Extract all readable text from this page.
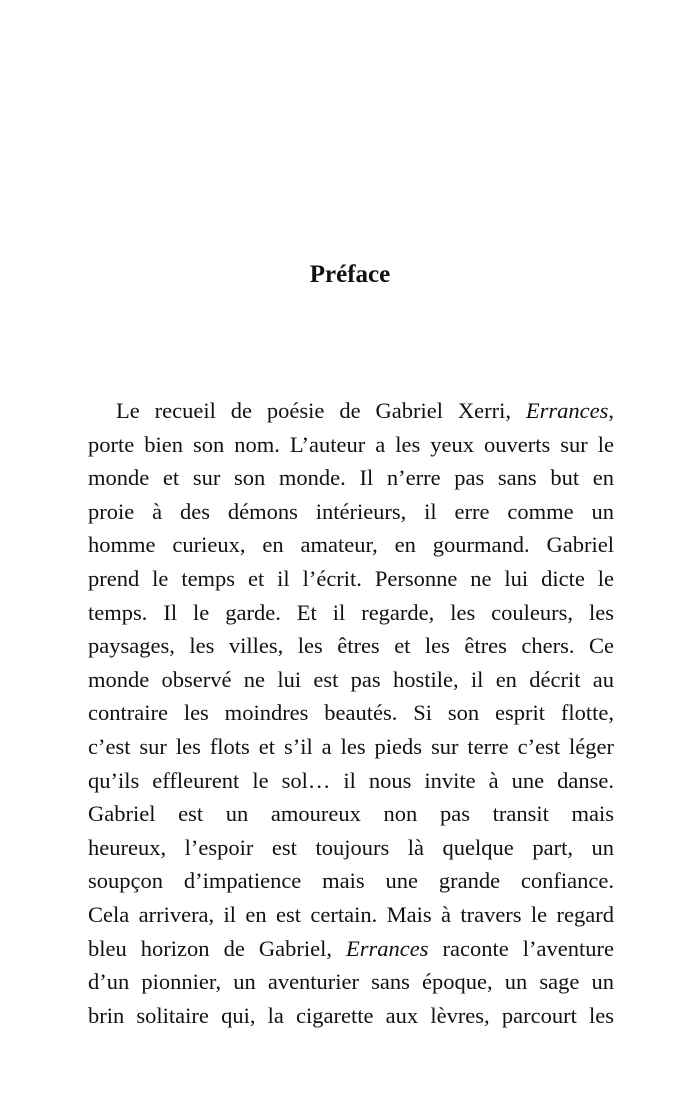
Préface
Le recueil de poésie de Gabriel Xerri, Errances,
porte bien son nom. L’auteur a les yeux ouverts sur le
monde et sur son monde. Il n’erre pas sans but en
proie à des démons intérieurs, il erre comme un
homme curieux, en amateur, en gourmand. Gabriel
prend le temps et il l’écrit. Personne ne lui dicte le
temps. Il le garde. Et il regarde, les couleurs, les
paysages, les villes, les êtres et les êtres chers. Ce
monde observé ne lui est pas hostile, il en décrit au
contraire les moindres beautés. Si son esprit flotte,
c’est sur les flots et s’il a les pieds sur terre c’est léger
qu’ils effleurent le sol… il nous invite à une danse.
Gabriel est un amoureux non pas transit mais
heureux, l’espoir est toujours là quelque part, un
soupçon d’impatience mais une grande confiance.
Cela arrivera, il en est certain. Mais à travers le regard
bleu horizon de Gabriel, Errances raconte l’aventure
d’un pionnier, un aventurier sans époque, un sage un
brin solitaire qui, la cigarette aux lèvres, parcourt les
